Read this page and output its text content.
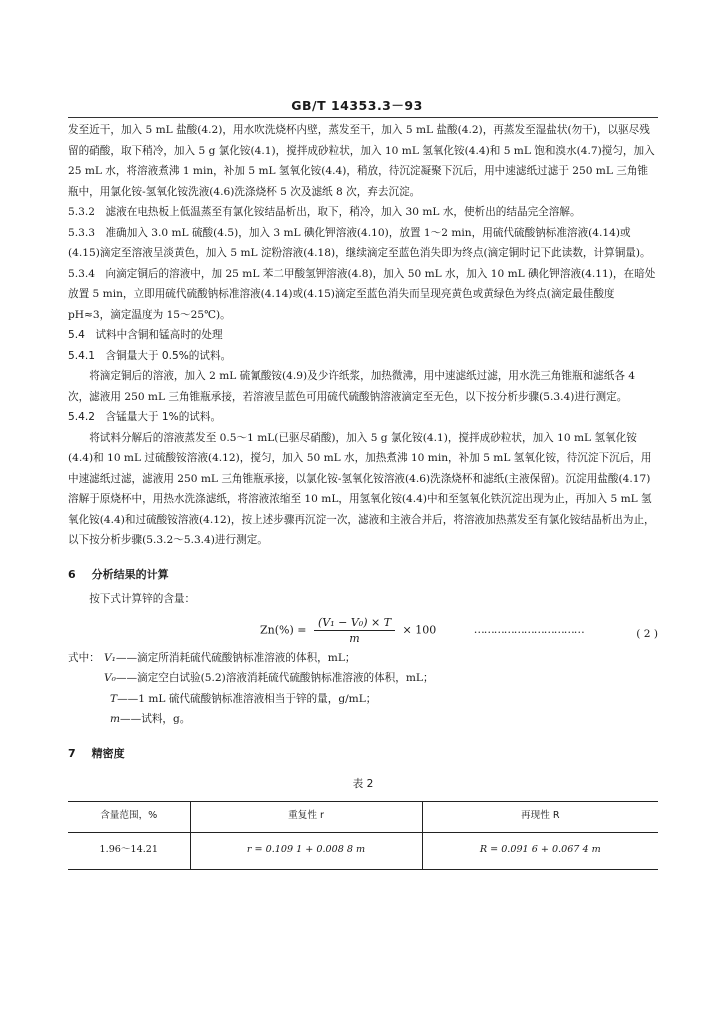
GB/T 14353.3－93

发至近干，加入 5 mL 盐酸(4.2)，用水吹洗烧杯内壁，蒸发至干，加入 5 mL 盐酸(4.2)，再蒸发至湿盐状(勿干)，以驱尽残留的硝酸，取下稍冷，加入 5 g 氯化铵(4.1)，搅拌成砂粒状，加入 10 mL 氢氧化铵(4.4)和 5 mL 饱和溴水(4.7)搅匀，加入 25 mL 水，将溶液煮沸 1 min，补加 5 mL 氢氧化铵(4.4)，稍放，待沉淀凝聚下沉后，用中速滤纸过滤于 250 mL 三角锥瓶中，用氯化铵-氢氧化铵洗液(4.6)洗涤烧杯 5 次及滤纸 8 次，弃去沉淀。

5.3.2　滤液在电热板上低温蒸至有氯化铵结晶析出，取下，稍冷，加入 30 mL 水，使析出的结晶完全溶解。

5.3.3　准确加入 3.0 mL 硫酸(4.5)，加入 3 mL 碘化钾溶液(4.10)，放置 1～2 min，用硫代硫酸钠标准溶液(4.14)或(4.15)滴定至溶液呈淡黄色，加入 5 mL 淀粉溶液(4.18)，继续滴定至蓝色消失即为终点(滴定铜时记下此读数，计算铜量)。

5.3.4　向滴定铜后的溶液中，加 25 mL 苯二甲酸氢钾溶液(4.8)，加入 50 mL 水，加入 10 mL 碘化钾溶液(4.11)，在暗处放置 5 min，立即用硫代硫酸钠标准溶液(4.14)或(4.15)滴定至蓝色消失而呈现亮黄色或黄绿色为终点(滴定最佳酸度 pH≈3，滴定温度为 15～25℃)。

5.4　试料中含铜和锰高时的处理

5.4.1　含铜量大于 0.5%的试料。

将滴定铜后的溶液，加入 2 mL 硫氰酸铵(4.9)及少许纸浆，加热微沸，用中速滤纸过滤，用水洗三角锥瓶和滤纸各 4 次，滤液用 250 mL 三角锥瓶承接，若溶液呈蓝色可用硫代硫酸钠溶液滴定至无色，以下按分析步骤(5.3.4)进行测定。

5.4.2　含锰量大于 1%的试料。

将试料分解后的溶液蒸发至 0.5～1 mL(已驱尽硝酸)，加入 5 g 氯化铵(4.1)，搅拌成砂粒状，加入 10 mL 氢氧化铵(4.4)和 10 mL 过硫酸铵溶液(4.12)，搅匀，加入 50 mL 水，加热煮沸 10 min，补加 5 mL 氢氧化铵，待沉淀下沉后，用中速滤纸过滤，滤液用 250 mL 三角锥瓶承接，以氯化铵-氢氧化铵溶液(4.6)洗涤烧杯和滤纸(主液保留)。沉淀用盐酸(4.17)溶解于原烧杯中，用热水洗涤滤纸，将溶液浓缩至 10 mL，用氢氧化铵(4.4)中和至氢氧化铁沉淀出现为止，再加入 5 mL 氢氧化铵(4.4)和过硫酸铵溶液(4.12)，按上述步骤再沉淀一次，滤液和主液合并后，将溶液加热蒸发至有氯化铵结晶析出为止，以下按分析步骤(5.3.2～5.3.4)进行测定。

6 分析结果的计算

按下式计算锌的含量：

$Zn(\%) = \frac{\text{(V₁ − V₀) × T}}{m} \times 100$	……………………………	( 2 )
式中： V₁——滴定所消耗硫代硫酸钠标准溶液的体积，mL；
V₀——滴定空白试验(5.2)溶液消耗硫代硫酸钠标准溶液的体积，mL；
T——1 mL 硫代硫酸钠标准溶液相当于锌的量，g/mL；
m——试料，g。

7 精密度

表 2
含量范围，%	重复性 r	再现性 R
1.96～14.21	r = 0.109 1 + 0.008 8 m	R = 0.091 6 + 0.067 4 m
